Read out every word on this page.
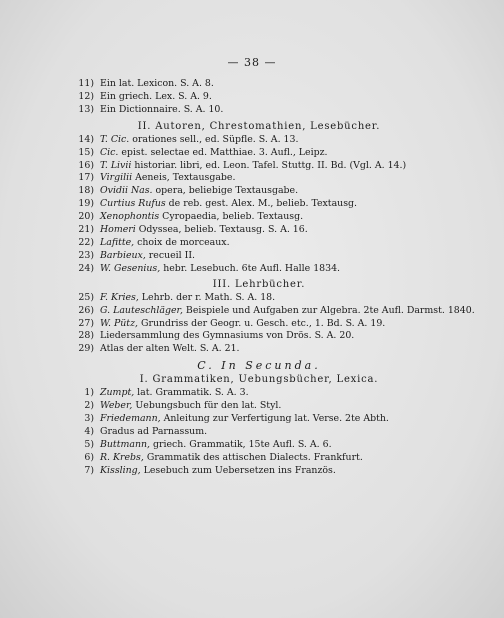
— 38 —
11) Ein lat. Lexicon. S. A. 8.
12) Ein griech. Lex. S. A. 9.
13) Ein Dictionnaire. S. A. 10.
II. Autoren, Chrestomathien, Lesebücher.
14) T. Cic. orationes sell., ed. Süpfle. S. A. 13.
15) Cic. epist. selectae ed. Matthiae. 3. Aufl., Leipz.
16) T. Livii historiar. libri, ed. Leon. Tafel. Stuttg. II. Bd. (Vgl. A. 14.)
17) Virgilii Aeneis, Textausgabe.
18) Ovidii Nas. opera, beliebige Textausgabe.
19) Curtius Rufus de reb. gest. Alex. M., belieb. Textausg.
20) Xenophontis Cyropaedia, belieb. Textausg.
21) Homeri Odyssea, belieb. Textausg. S. A. 16.
22) Lafitte, choix de morceaux.
23) Barbieux, recueil II.
24) W. Gesenius, hebr. Lesebuch. 6te Aufl. Halle 1834.
III. Lehrbücher.
25) F. Kries, Lehrb. der r. Math. S. A. 18.
26) G. Lauteschläger, Beispiele und Aufgaben zur Algebra. 2te Aufl. Darmst. 1840.
27) W. Pütz, Grundriss der Geogr. u. Gesch. etc., 1. Bd. S. A. 19.
28) Liedersammlung des Gymnasiums von Drös. S. A. 20.
29) Atlas der alten Welt. S. A. 21.
C. In Secunda.
I. Grammatiken, Uebungsbücher, Lexica.
1) Zumpt, lat. Grammatik. S. A. 3.
2) Weber, Uebungsbuch für den lat. Styl.
3) Friedemann, Anleitung zur Verfertigung lat. Verse. 2te Abth.
4) Gradus ad Parnassum.
5) Buttmann, griech. Grammatik, 15te Aufl. S. A. 6.
6) R. Krebs, Grammatik des attischen Dialects. Frankfurt.
7) Kissling, Lesebuch zum Uebersetzen ins Französ.
